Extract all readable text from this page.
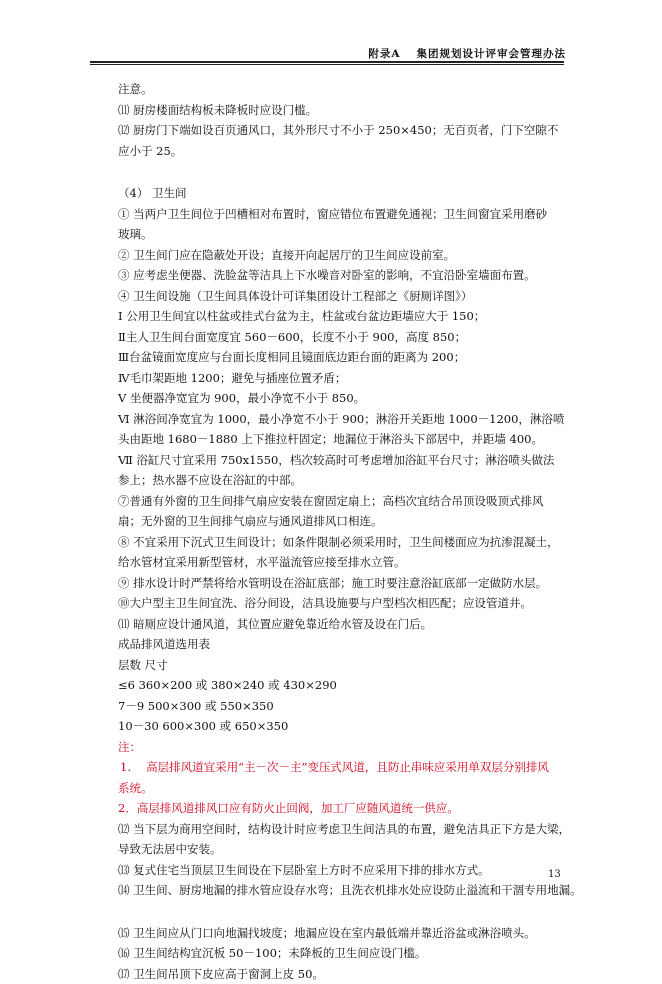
附录A 集团规划设计评审会管理办法
注意。
⑾ 厨房楼面结构板未降板时应设门槛。
⑿ 厨房门下端如设百页通风口，其外形尺寸不小于 250×450；无百页者，门下空隙不
应小于 25。
（4） 卫生间
① 当两户卫生间位于凹槽相对布置时，窗应错位布置避免通视；卫生间窗宜采用磨砂
玻璃。
② 卫生间门应在隐蔽处开设；直接开向起居厅的卫生间应设前室。
③ 应考虑坐便器、洗脸盆等洁具上下水噪音对卧室的影响，不宜沿卧室墙面布置。
④ 卫生间设施（卫生间具体设计可详集团设计工程部之《厨厕详图》）
Ⅰ 公用卫生间宜以柱盆或挂式台盆为主，柱盆或台盆边距墙应大于 150；
Ⅱ主人卫生间台面宽度宜 560－600，长度不小于 900，高度 850；
Ⅲ台盆镜面宽度应与台面长度相同且镜面底边距台面的距离为 200；
Ⅳ毛巾架距地 1200；避免与插座位置矛盾；
Ⅴ 坐便器净宽宜为 900，最小净宽不小于 850。
Ⅵ 淋浴间净宽宜为 1000，最小净宽不小于 900；淋浴开关距地 1000－1200，淋浴喷
头由距地 1680－1880 上下推拉杆固定；地漏位于淋浴头下部居中，并距墙 400。
Ⅶ 浴缸尺寸宜采用 750x1550，档次较高时可考虑增加浴缸平台尺寸；淋浴喷头做法
参上；热水器不应设在浴缸的中部。
⑦普通有外窗的卫生间排气扇应安装在窗固定扇上；高档次宜结合吊顶设吸顶式排风
扇；无外窗的卫生间排气扇应与通风道排风口相连。
⑧ 不宜采用下沉式卫生间设计；如条件限制必须采用时，卫生间楼面应为抗渗混凝土，
给水管材宜采用新型管材，水平溢流管应接至排水立管。
⑨ 排水设计时严禁将给水管明设在浴缸底部；施工时要注意浴缸底部一定做防水层。
⑩大户型主卫生间宜洗、浴分间设，洁具设施要与户型档次相匹配；应设管道井。
⑾ 暗厕应设计通风道，其位置应避免靠近给水管及设在门后。
成品排风道选用表
层数 尺寸
≤6 360×200 或 380×240 或 430×290
7－9 500×300 或 550×350
10－30 600×300 或 650×350
注：
1.　 高层排风道宜采用“主－次－主”变压式风道，且防止串味应采用单双层分别排风
系统。
2．高层排风道排风口应有防火止回阀，加工厂应随风道统一供应。
⑿ 当下层为商用空间时，结构设计时应考虑卫生间洁具的布置，避免洁具正下方是大梁，
导致无法居中安装。
⒀ 复式住宅当顶层卫生间设在下层卧室上方时不应采用下排的排水方式。
⒁ 卫生间、厨房地漏的排水管应设存水弯；且洗衣机排水处应设防止溢流和干涸专用地漏。
⒂ 卫生间应从门口向地漏找坡度；地漏应设在室内最低端并靠近浴盆或淋浴喷头。
⒃ 卫生间结构宜沉板 50－100；未降板的卫生间应设门槛。
⒄ 卫生间吊顶下皮应高于窗洞上皮 50。
13
